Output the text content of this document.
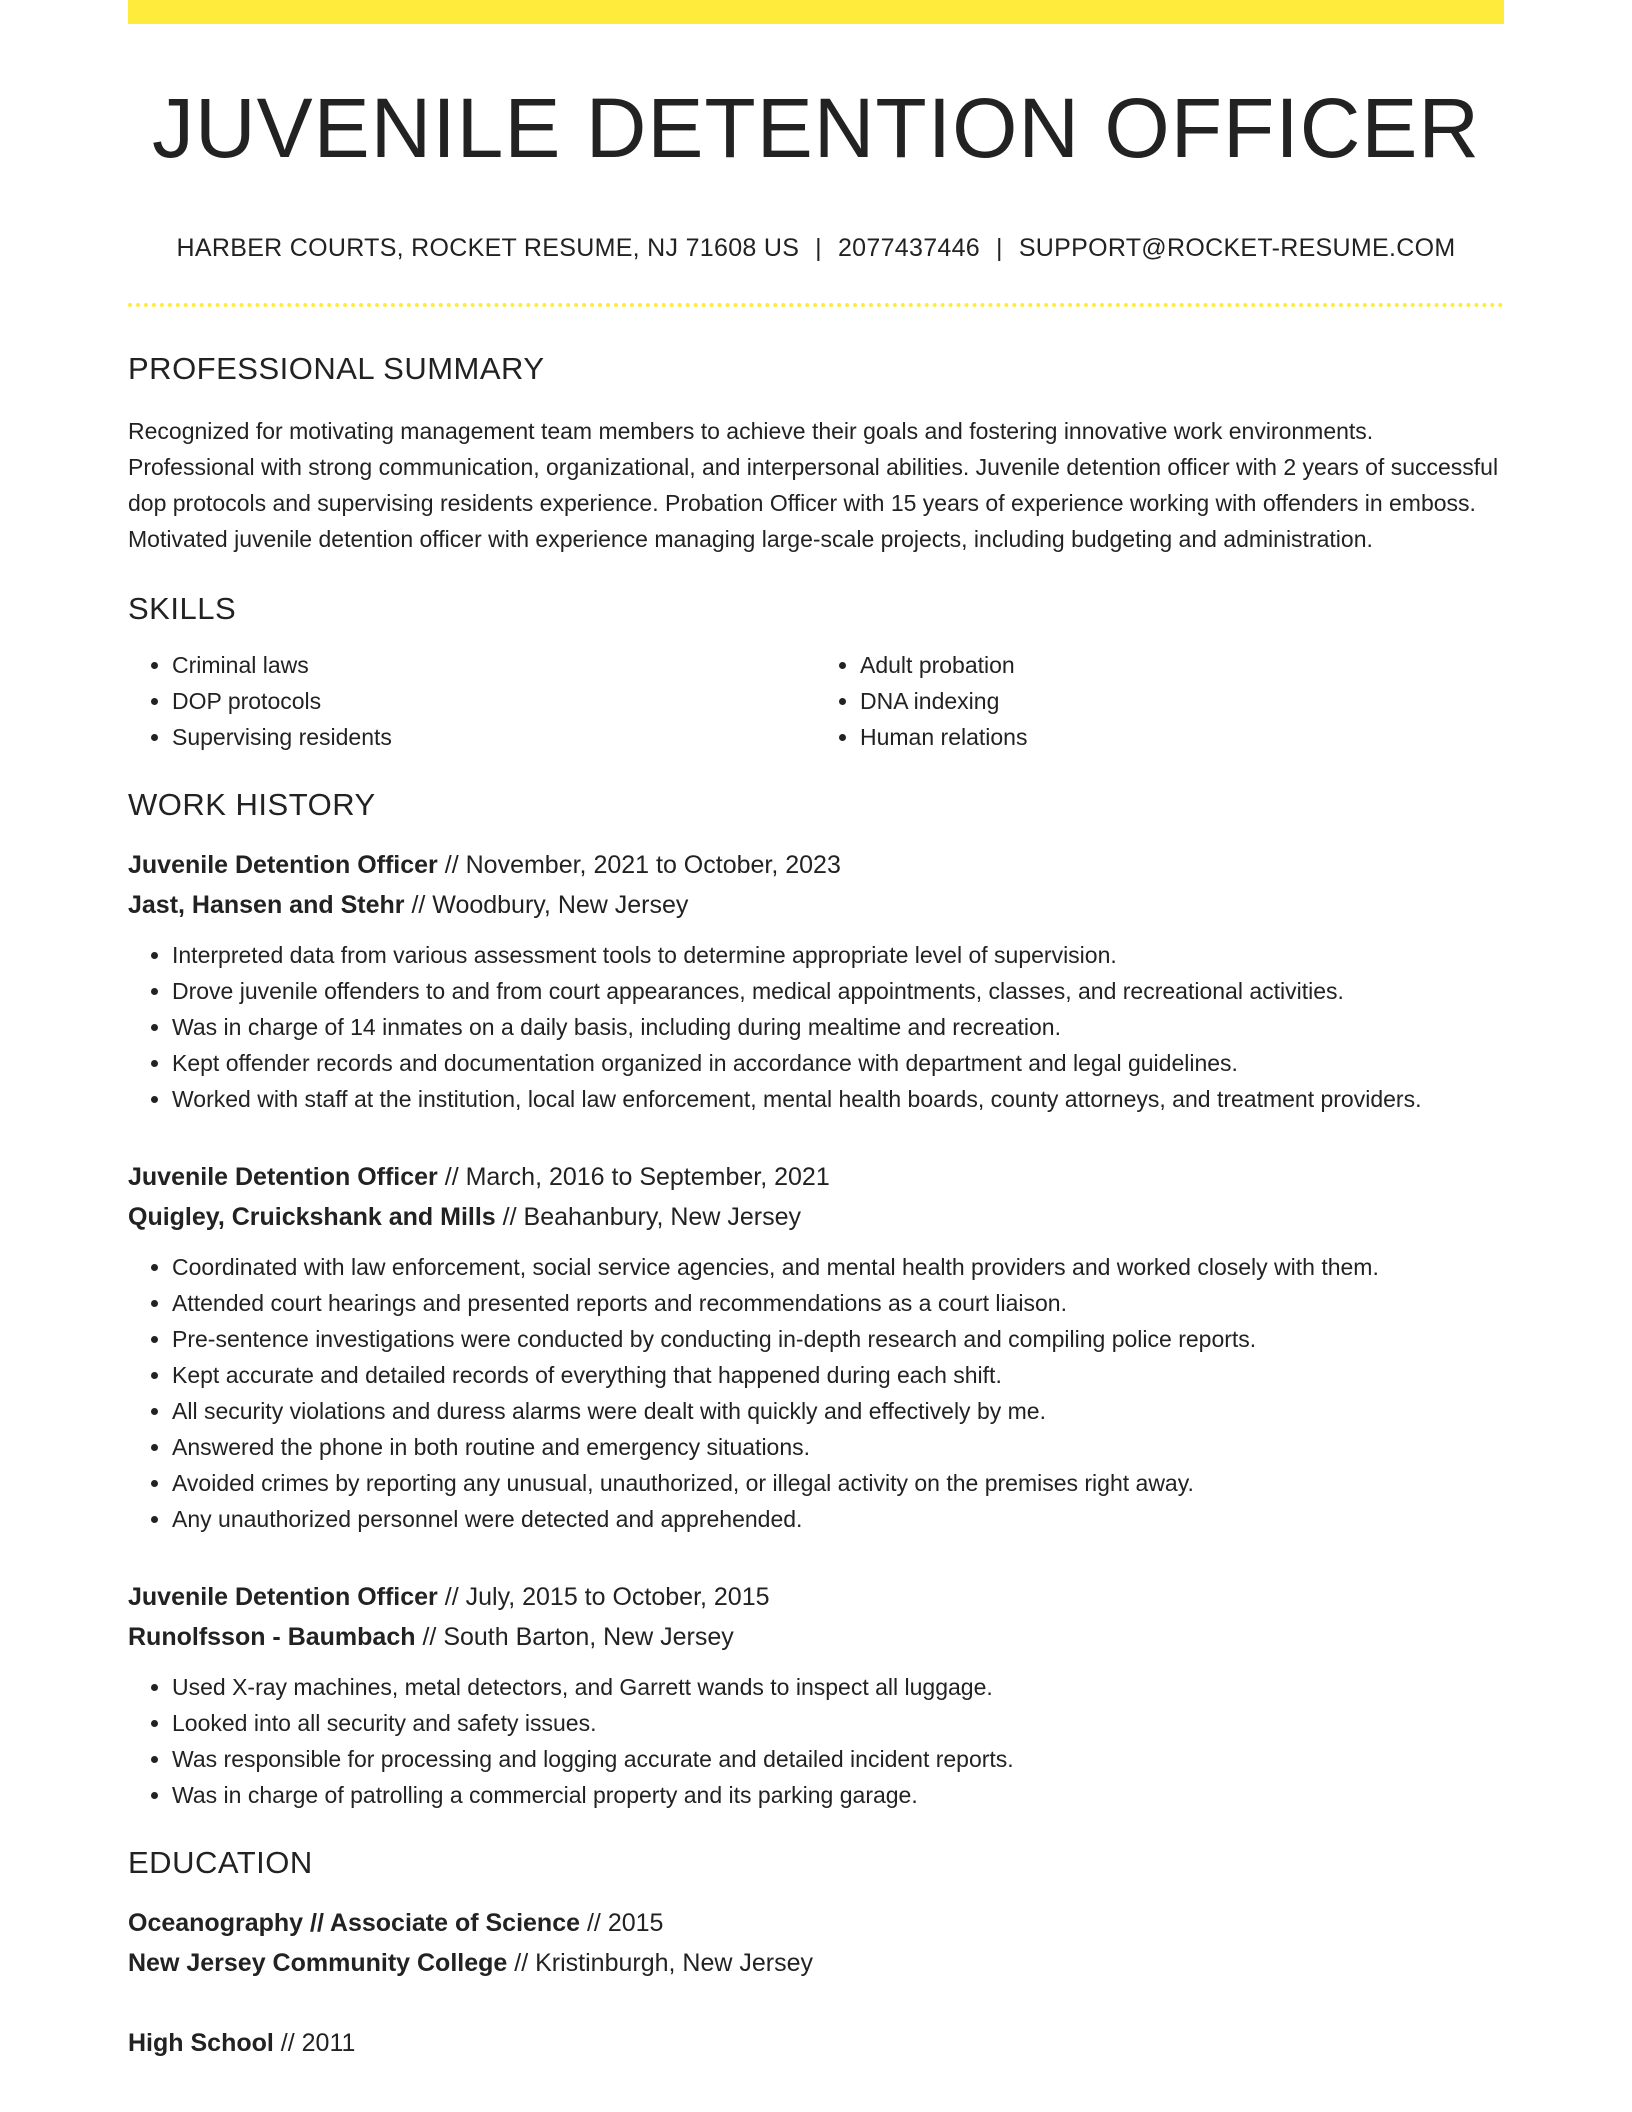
JUVENILE DETENTION OFFICER
HARBER COURTS, ROCKET RESUME, NJ 71608 US | 2077437446 | SUPPORT@ROCKET-RESUME.COM
PROFESSIONAL SUMMARY
Recognized for motivating management team members to achieve their goals and fostering innovative work environments. Professional with strong communication, organizational, and interpersonal abilities. Juvenile detention officer with 2 years of successful dop protocols and supervising residents experience. Probation Officer with 15 years of experience working with offenders in emboss. Motivated juvenile detention officer with experience managing large-scale projects, including budgeting and administration.
SKILLS
• Criminal laws
• DOP protocols
• Supervising residents
• Adult probation
• DNA indexing
• Human relations
WORK HISTORY
Juvenile Detention Officer // November, 2021 to October, 2023
Jast, Hansen and Stehr // Woodbury, New Jersey
• Interpreted data from various assessment tools to determine appropriate level of supervision.
• Drove juvenile offenders to and from court appearances, medical appointments, classes, and recreational activities.
• Was in charge of 14 inmates on a daily basis, including during mealtime and recreation.
• Kept offender records and documentation organized in accordance with department and legal guidelines.
• Worked with staff at the institution, local law enforcement, mental health boards, county attorneys, and treatment providers.
Juvenile Detention Officer // March, 2016 to September, 2021
Quigley, Cruickshank and Mills // Beahanbury, New Jersey
• Coordinated with law enforcement, social service agencies, and mental health providers and worked closely with them.
• Attended court hearings and presented reports and recommendations as a court liaison.
• Pre-sentence investigations were conducted by conducting in-depth research and compiling police reports.
• Kept accurate and detailed records of everything that happened during each shift.
• All security violations and duress alarms were dealt with quickly and effectively by me.
• Answered the phone in both routine and emergency situations.
• Avoided crimes by reporting any unusual, unauthorized, or illegal activity on the premises right away.
• Any unauthorized personnel were detected and apprehended.
Juvenile Detention Officer // July, 2015 to October, 2015
Runolfsson - Baumbach // South Barton, New Jersey
• Used X-ray machines, metal detectors, and Garrett wands to inspect all luggage.
• Looked into all security and safety issues.
• Was responsible for processing and logging accurate and detailed incident reports.
• Was in charge of patrolling a commercial property and its parking garage.
EDUCATION
Oceanography // Associate of Science // 2015
New Jersey Community College // Kristinburgh, New Jersey
High School // 2011
